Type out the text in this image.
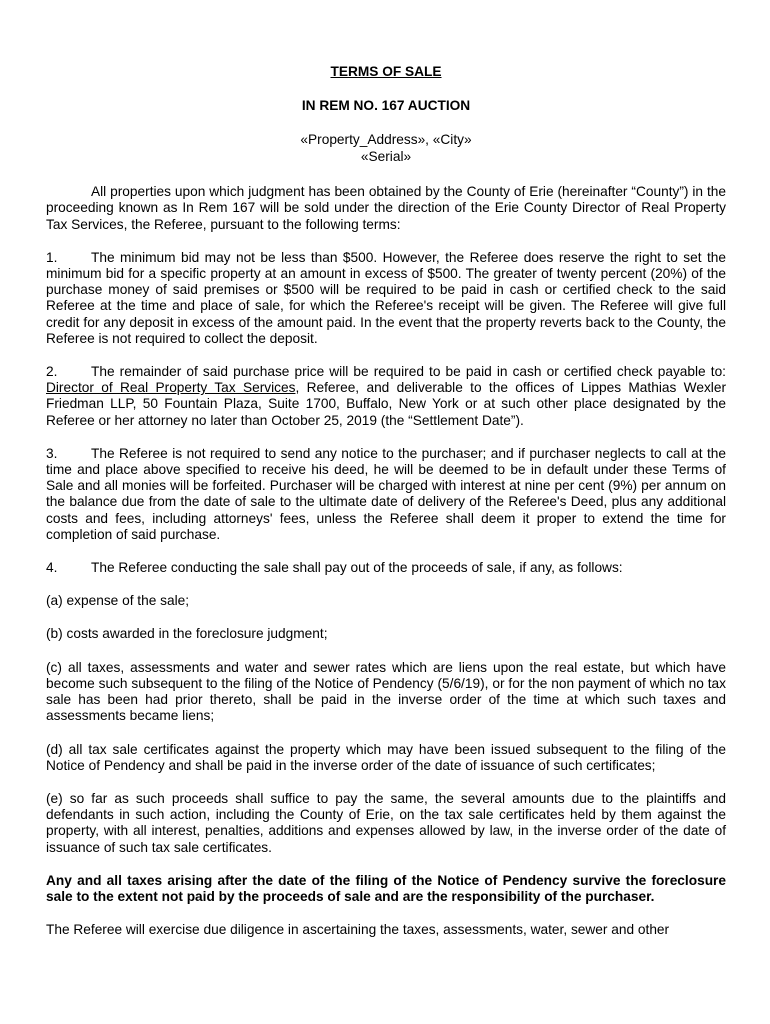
TERMS OF SALE
IN REM NO. 167 AUCTION
«Property_Address», «City»
«Serial»

All properties upon which judgment has been obtained by the County of Erie (hereinafter “County”) in the proceeding known as In Rem 167 will be sold under the direction of the Erie County Director of Real Property Tax Services, the Referee, pursuant to the following terms:

1. The minimum bid may not be less than $500. However, the Referee does reserve the right to set the minimum bid for a specific property at an amount in excess of $500. The greater of twenty percent (20%) of the purchase money of said premises or $500 will be required to be paid in cash or certified check to the said Referee at the time and place of sale, for which the Referee's receipt will be given. The Referee will give full credit for any deposit in excess of the amount paid. In the event that the property reverts back to the County, the Referee is not required to collect the deposit.

2. The remainder of said purchase price will be required to be paid in cash or certified check payable to: Director of Real Property Tax Services, Referee, and deliverable to the offices of Lippes Mathias Wexler Friedman LLP, 50 Fountain Plaza, Suite 1700, Buffalo, New York or at such other place designated by the Referee or her attorney no later than October 25, 2019 (the “Settlement Date”).

3. The Referee is not required to send any notice to the purchaser; and if purchaser neglects to call at the time and place above specified to receive his deed, he will be deemed to be in default under these Terms of Sale and all monies will be forfeited. Purchaser will be charged with interest at nine per cent (9%) per annum on the balance due from the date of sale to the ultimate date of delivery of the Referee's Deed, plus any additional costs and fees, including attorneys' fees, unless the Referee shall deem it proper to extend the time for completion of said purchase.

4. The Referee conducting the sale shall pay out of the proceeds of sale, if any, as follows:

(a) expense of the sale;

(b) costs awarded in the foreclosure judgment;

(c) all taxes, assessments and water and sewer rates which are liens upon the real estate, but which have become such subsequent to the filing of the Notice of Pendency (5/6/19), or for the non payment of which no tax sale has been had prior thereto, shall be paid in the inverse order of the time at which such taxes and assessments became liens;

(d) all tax sale certificates against the property which may have been issued subsequent to the filing of the Notice of Pendency and shall be paid in the inverse order of the date of issuance of such certificates;

(e) so far as such proceeds shall suffice to pay the same, the several amounts due to the plaintiffs and defendants in such action, including the County of Erie, on the tax sale certificates held by them against the property, with all interest, penalties, additions and expenses allowed by law, in the inverse order of the date of issuance of such tax sale certificates.

Any and all taxes arising after the date of the filing of the Notice of Pendency survive the foreclosure sale to the extent not paid by the proceeds of sale and are the responsibility of the purchaser.

The Referee will exercise due diligence in ascertaining the taxes, assessments, water, sewer and other
